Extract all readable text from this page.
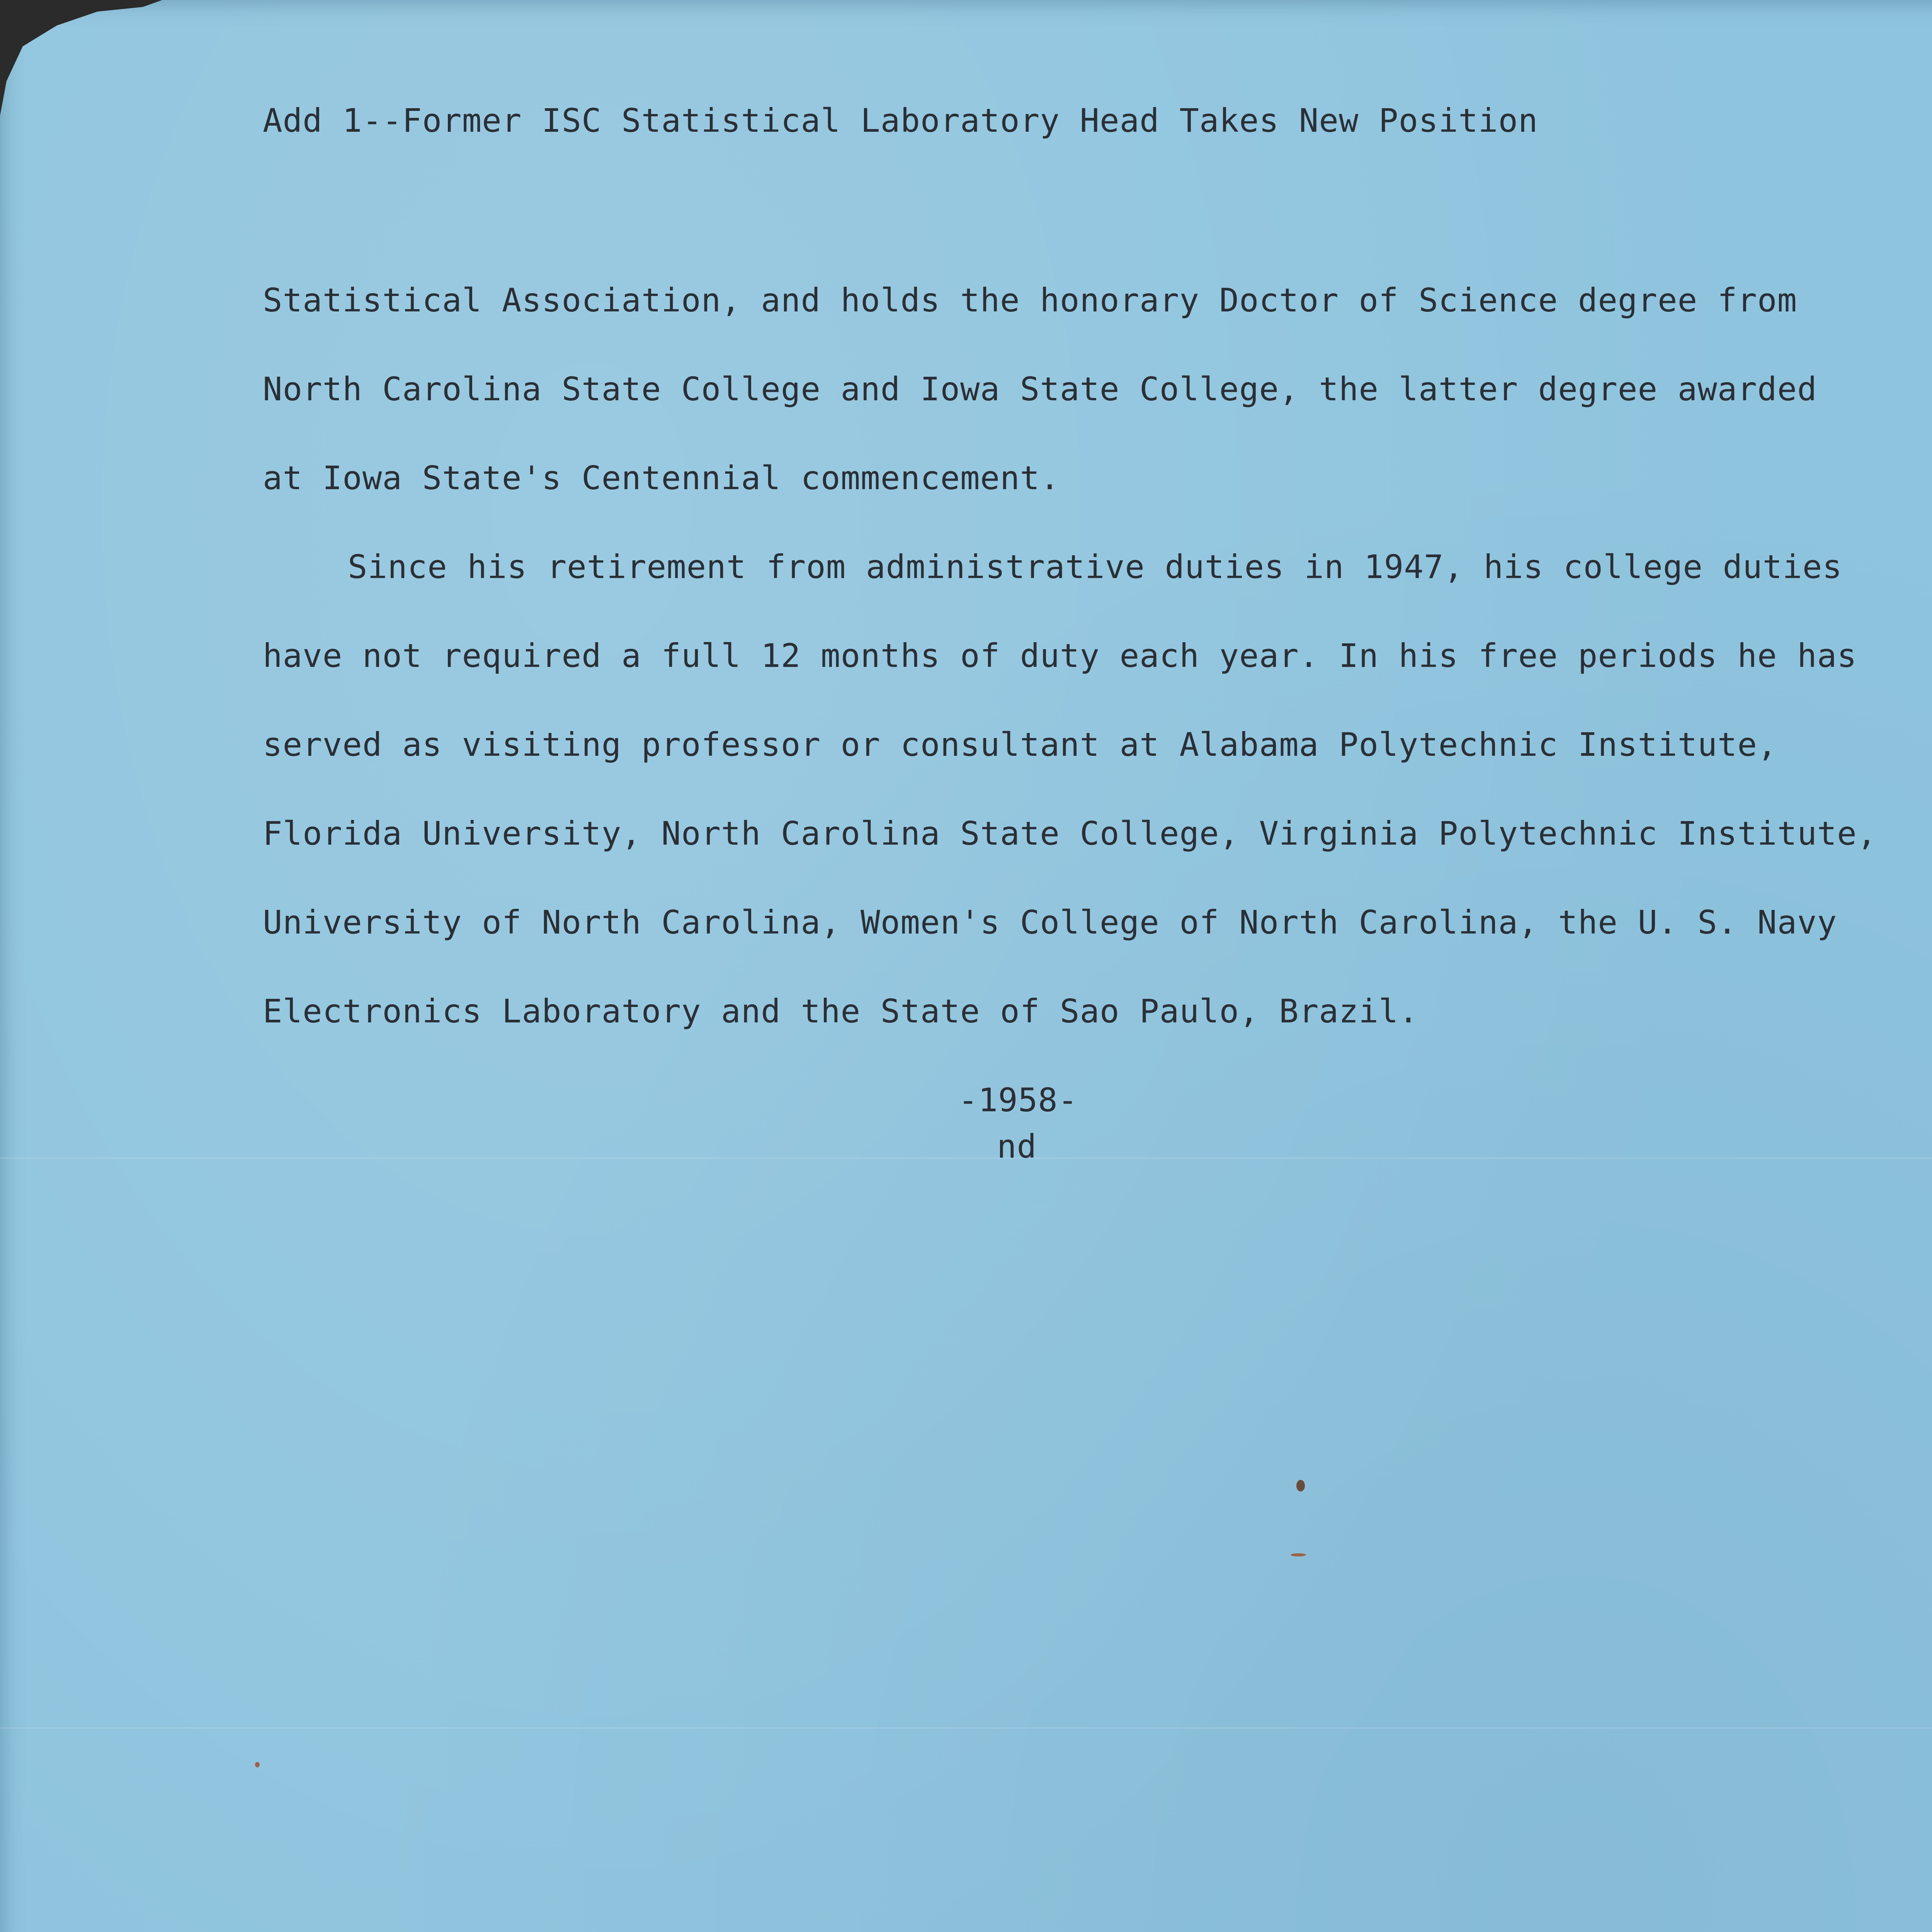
Add 1--Former ISC Statistical Laboratory Head Takes New Position
Statistical Association, and holds the honorary Doctor of Science degree from
North Carolina State College and Iowa State College, the latter degree awarded
at Iowa State's Centennial commencement.
Since his retirement from administrative duties in 1947, his college duties
have not required a full 12 months of duty each year. In his free periods he has
served as visiting professor or consultant at Alabama Polytechnic Institute,
Florida University, North Carolina State College, Virginia Polytechnic Institute,
University of North Carolina, Women's College of North Carolina, the U. S. Navy
Electronics Laboratory and the State of Sao Paulo, Brazil.
-1958-
nd
